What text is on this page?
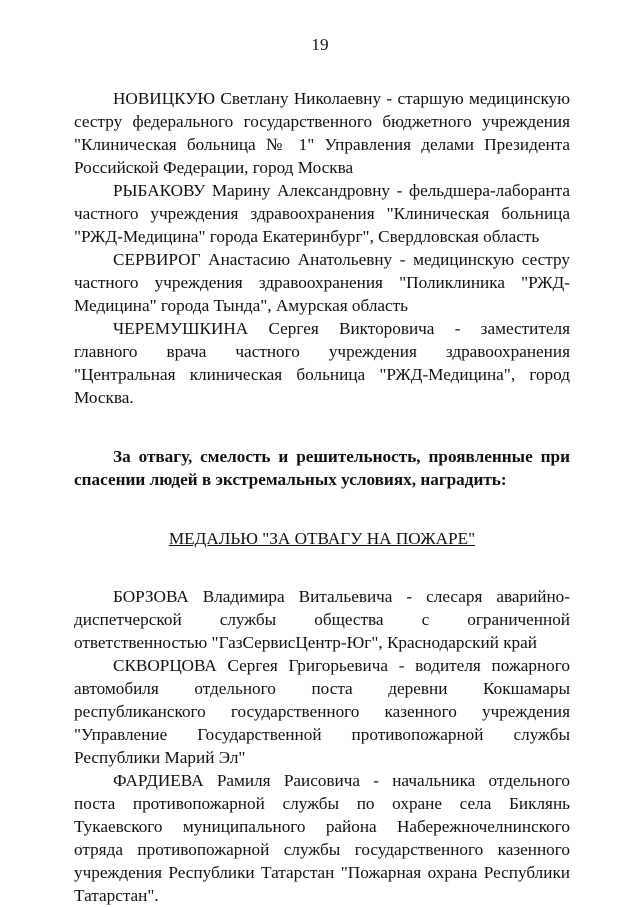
19

НОВИЦКУЮ Светлану Николаевну - старшую медицинскую сестру федерального государственного бюджетного учреждения "Клиническая больница № 1" Управления делами Президента Российской Федерации, город Москва

РЫБАКОВУ Марину Александровну - фельдшера-лаборанта частного учреждения здравоохранения "Клиническая больница "РЖД-Медицина" города Екатеринбург", Свердловская область

СЕРВИРОГ Анастасию Анатольевну - медицинскую сестру частного учреждения здравоохранения "Поликлиника "РЖД-Медицина" города Тында", Амурская область

ЧЕРЕМУШКИНА Сергея Викторовича - заместителя главного врача частного учреждения здравоохранения "Центральная клиническая больница "РЖД-Медицина", город Москва.

За отвагу, смелость и решительность, проявленные при спасении людей в экстремальных условиях, наградить:

МЕДАЛЬЮ "ЗА ОТВАГУ НА ПОЖАРЕ"

БОРЗОВА Владимира Витальевича - слесаря аварийно-диспетчерской службы общества с ограниченной ответственностью "ГазСервисЦентр-Юг", Краснодарский край

СКВОРЦОВА Сергея Григорьевича - водителя пожарного автомобиля отдельного поста деревни Кокшамары республиканского государственного казенного учреждения "Управление Государственной противопожарной службы Республики Марий Эл"

ФАРДИЕВА Рамиля Раисовича - начальника отдельного поста противопожарной службы по охране села Биклянь Тукаевского муниципального района Набережночелнинского отряда противопожарной службы государственного казенного учреждения Республики Татарстан "Пожарная охрана Республики Татарстан".
